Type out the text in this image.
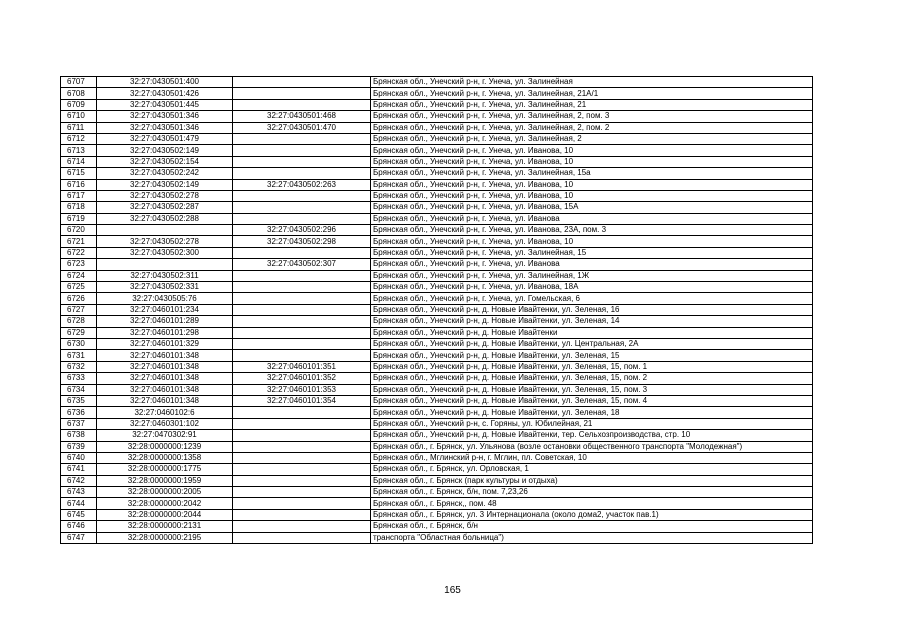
6707	32:27:0430501:400		Брянская обл., Унечский р-н, г. Унеча, ул. Залинейная
6708	32:27:0430501:426		Брянская обл., Унечский р-н, г. Унеча, ул. Залинейная, 21А/1
6709	32:27:0430501:445		Брянская обл., Унечский р-н, г. Унеча, ул. Залинейная, 21
6710	32:27:0430501:346	32:27:0430501:468	Брянская обл., Унечский р-н, г. Унеча, ул. Залинейная, 2, пом. 3
6711	32:27:0430501:346	32:27:0430501:470	Брянская обл., Унечский р-н, г. Унеча, ул. Залинейная, 2, пом. 2
6712	32:27:0430501:479		Брянская обл., Унечский р-н, г. Унеча, ул. Залинейная, 2
6713	32:27:0430502:149		Брянская обл., Унечский р-н, г. Унеча, ул. Иванова, 10
6714	32:27:0430502:154		Брянская обл., Унечский р-н, г. Унеча, ул. Иванова, 10
6715	32:27:0430502:242		Брянская обл., Унечский р-н, г. Унеча, ул. Залинейная, 15а
6716	32:27:0430502:149	32:27:0430502:263	Брянская обл., Унечский р-н, г. Унеча, ул. Иванова, 10
6717	32:27:0430502:278		Брянская обл., Унечский р-н, г. Унеча, ул. Иванова, 10
6718	32:27:0430502:287		Брянская обл., Унечский р-н, г. Унеча, ул. Иванова, 15А
6719	32:27:0430502:288		Брянская обл., Унечский р-н, г. Унеча, ул. Иванова
6720		32:27:0430502:296	Брянская обл., Унечский р-н, г. Унеча, ул. Иванова, 23А, пом. 3
6721	32:27:0430502:278	32:27:0430502:298	Брянская обл., Унечский р-н, г. Унеча, ул. Иванова, 10
6722	32:27:0430502:300		Брянская обл., Унечский р-н, г. Унеча, ул. Залинейная, 15
6723		32:27:0430502:307	Брянская обл., Унечский р-н, г. Унеча, ул. Иванова
6724	32:27:0430502:311		Брянская обл., Унечский р-н, г. Унеча, ул. Залинейная, 1Ж
6725	32:27:0430502:331		Брянская обл., Унечский р-н, г. Унеча, ул. Иванова, 18А
6726	32:27:0430505:76		Брянская обл., Унечский р-н, г. Унеча, ул. Гомельская, 6
6727	32:27:0460101:234		Брянская обл., Унечский р-н, д. Новые Ивайтенки, ул. Зеленая, 16
6728	32:27:0460101:289		Брянская обл., Унечский р-н, д. Новые Ивайтенки, ул. Зеленая, 14
6729	32:27:0460101:298		Брянская обл., Унечский р-н, д. Новые Ивайтенки
6730	32:27:0460101:329		Брянская обл., Унечский р-н, д. Новые Ивайтенки, ул. Центральная, 2А
6731	32:27:0460101:348		Брянская обл., Унечский р-н, д. Новые Ивайтенки, ул. Зеленая, 15
6732	32:27:0460101:348	32:27:0460101:351	Брянская обл., Унечский р-н, д. Новые Ивайтенки, ул. Зеленая, 15, пом. 1
6733	32:27:0460101:348	32:27:0460101:352	Брянская обл., Унечский р-н, д. Новые Ивайтенки, ул. Зеленая, 15, пом. 2
6734	32:27:0460101:348	32:27:0460101:353	Брянская обл., Унечский р-н, д. Новые Ивайтенки, ул. Зеленая, 15, пом. 3
6735	32:27:0460101:348	32:27:0460101:354	Брянская обл., Унечский р-н, д. Новые Ивайтенки, ул. Зеленая, 15, пом. 4
6736	32:27:0460102:6		Брянская обл., Унечский р-н, д. Новые Ивайтенки, ул. Зеленая, 18
6737	32:27:0460301:102		Брянская обл., Унечский р-н, с. Горяны, ул. Юбилейная, 21
6738	32:27:0470302:91		Брянская обл., Унечский р-н, д. Новые Ивайтенки, тер. Сельхозпроизводства, стр. 10
6739	32:28:0000000:1239		Брянская обл., г. Брянск, ул. Ульянова (возле остановки общественного транспорта "Молодежная")
6740	32:28:0000000:1358		Брянская обл., Мглинский р-н, г. Мглин, пл. Советская, 10
6741	32:28:0000000:1775		Брянская обл., г. Брянск, ул. Орловская, 1
6742	32:28:0000000:1959		Брянская обл., г. Брянск (парк культуры и отдыха)
6743	32:28:0000000:2005		Брянская обл., г. Брянск, б/н, пом. 7,23,26
6744	32:28:0000000:2042		Брянская обл., г. Брянск,, пом. 48
6745	32:28:0000000:2044		Брянская обл., г. Брянск, ул. 3 Интернационала (около дома2, участок пав.1)
6746	32:28:0000000:2131		Брянская обл., г. Брянск, б/н
6747	32:28:0000000:2195		транспорта "Областная больница")
165
